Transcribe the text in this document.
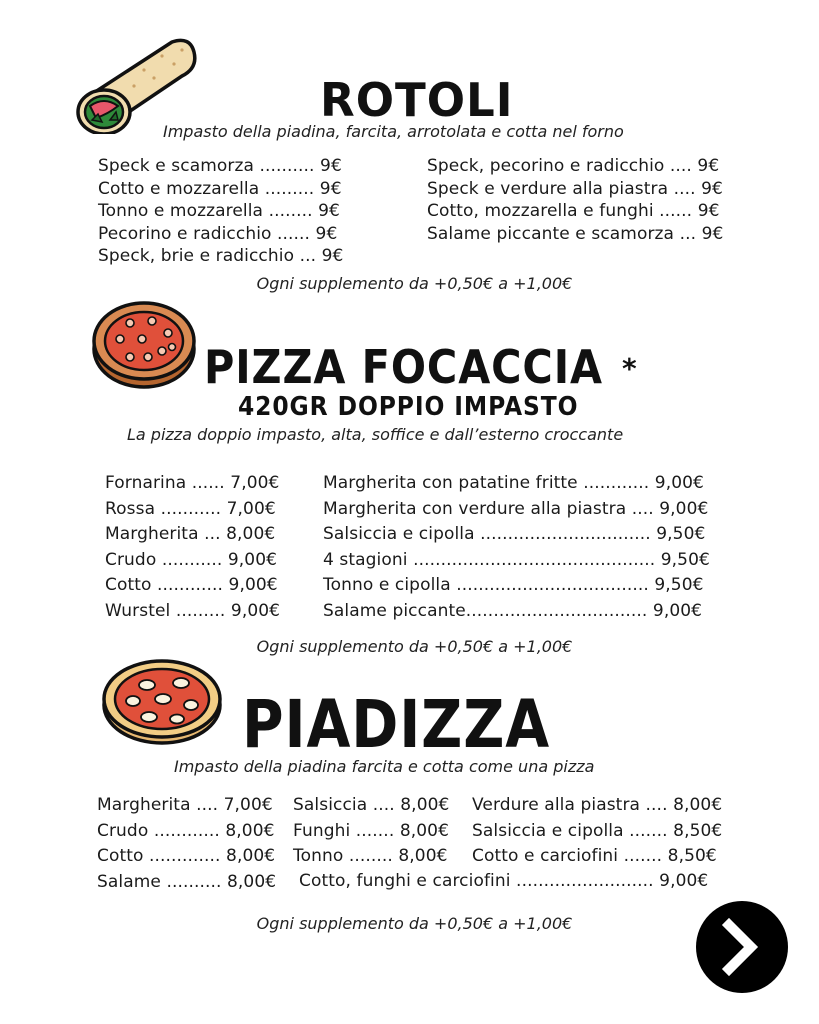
ROTOLI
Impasto della piadina, farcita, arrotolata e cotta nel forno
Speck e scamorza .......... 9€
Cotto e mozzarella ......... 9€
Tonno e mozzarella ........ 9€
Pecorino e radicchio ...... 9€
Speck, brie e radicchio ... 9€
Speck, pecorino e radicchio .... 9€
Speck e verdure alla piastra .... 9€
Cotto, mozzarella e funghi ...... 9€
Salame piccante e scamorza ... 9€
Ogni supplemento da +0,50€ a +1,00€
PIZZA FOCACCIA *
420GR DOPPIO IMPASTO
La pizza doppio impasto, alta, soffice e dall’esterno croccante
Fornarina ...... 7,00€
Rossa ........... 7,00€
Margherita ... 8,00€
Crudo ........... 9,00€
Cotto ............ 9,00€
Wurstel ......... 9,00€
Margherita con patatine fritte ............ 9,00€
Margherita con verdure alla piastra .... 9,00€
Salsiccia e cipolla ............................... 9,50€
4 stagioni ............................................ 9,50€
Tonno e cipolla ................................... 9,50€
Salame piccante................................. 9,00€
Ogni supplemento da +0,50€ a +1,00€
PIADIZZA
Impasto della piadina farcita e cotta come una pizza
Margherita .... 7,00€
Crudo ............ 8,00€
Cotto ............. 8,00€
Salame .......... 8,00€
Salsiccia .... 8,00€
Funghi ....... 8,00€
Tonno ........ 8,00€
Verdure alla piastra .... 8,00€
Salsiccia e cipolla ....... 8,50€
Cotto e carciofini ....... 8,50€
Cotto, funghi e carciofini ......................... 9,00€
Ogni supplemento da +0,50€ a +1,00€
